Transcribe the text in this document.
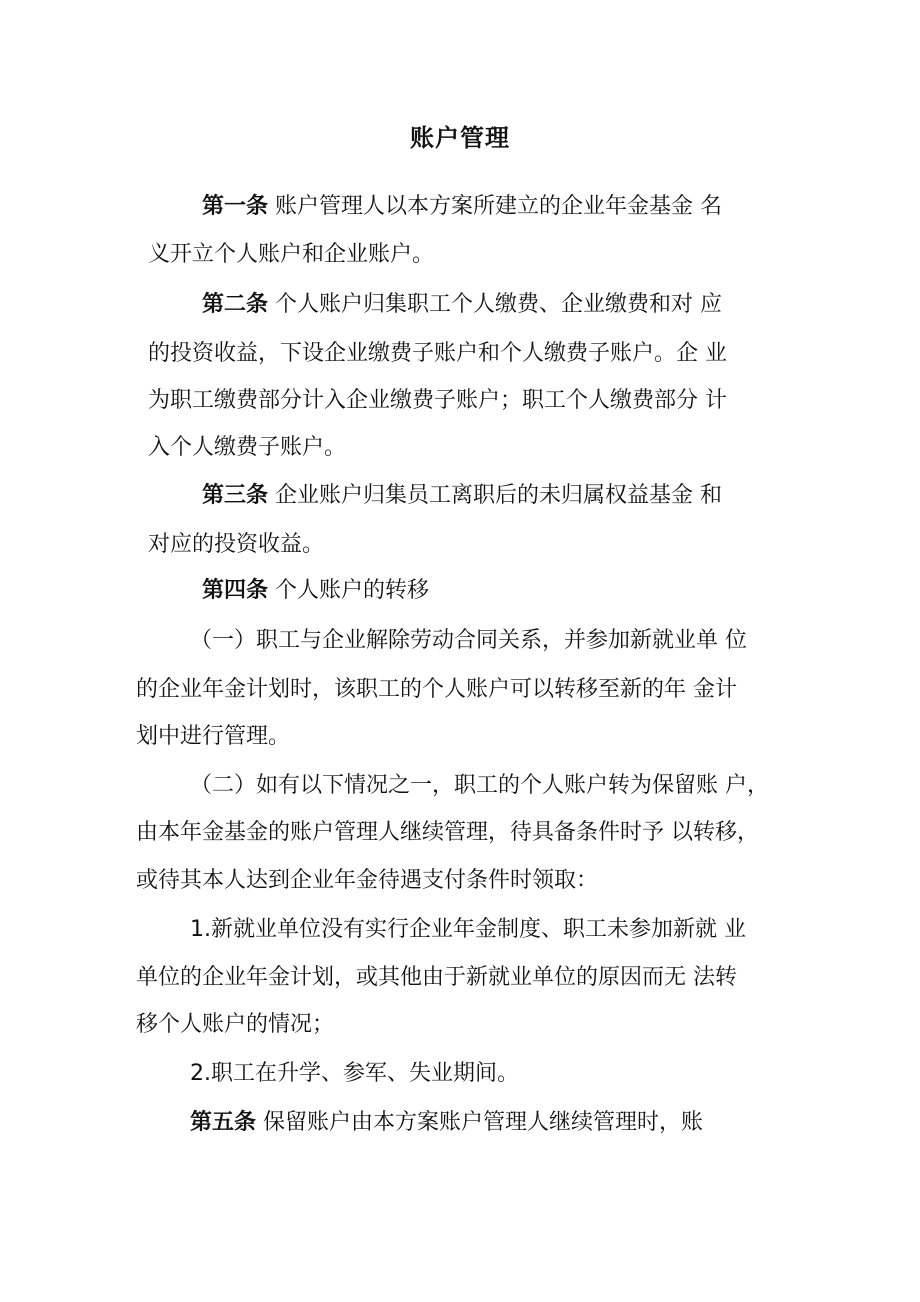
账户管理
第一条 账户管理人以本方案所建立的企业年金基金 名
义开立个人账户和企业账户。
第二条 个人账户归集职工个人缴费、企业缴费和对 应
的投资收益，下设企业缴费子账户和个人缴费子账户。企 业
为职工缴费部分计入企业缴费子账户；职工个人缴费部分 计
入个人缴费子账户。
第三条 企业账户归集员工离职后的未归属权益基金 和
对应的投资收益。
第四条 个人账户的转移
（一）职工与企业解除劳动合同关系，并参加新就业单 位
的企业年金计划时，该职工的个人账户可以转移至新的年 金计
划中进行管理。
（二）如有以下情况之一，职工的个人账户转为保留账 户，
由本年金基金的账户管理人继续管理，待具备条件时予 以转移，
或待其本人达到企业年金待遇支付条件时领取：
1.新就业单位没有实行企业年金制度、职工未参加新就 业
单位的企业年金计划，或其他由于新就业单位的原因而无 法转
移个人账户的情况；
2.职工在升学、参军、失业期间。
第五条 保留账户由本方案账户管理人继续管理时，账
